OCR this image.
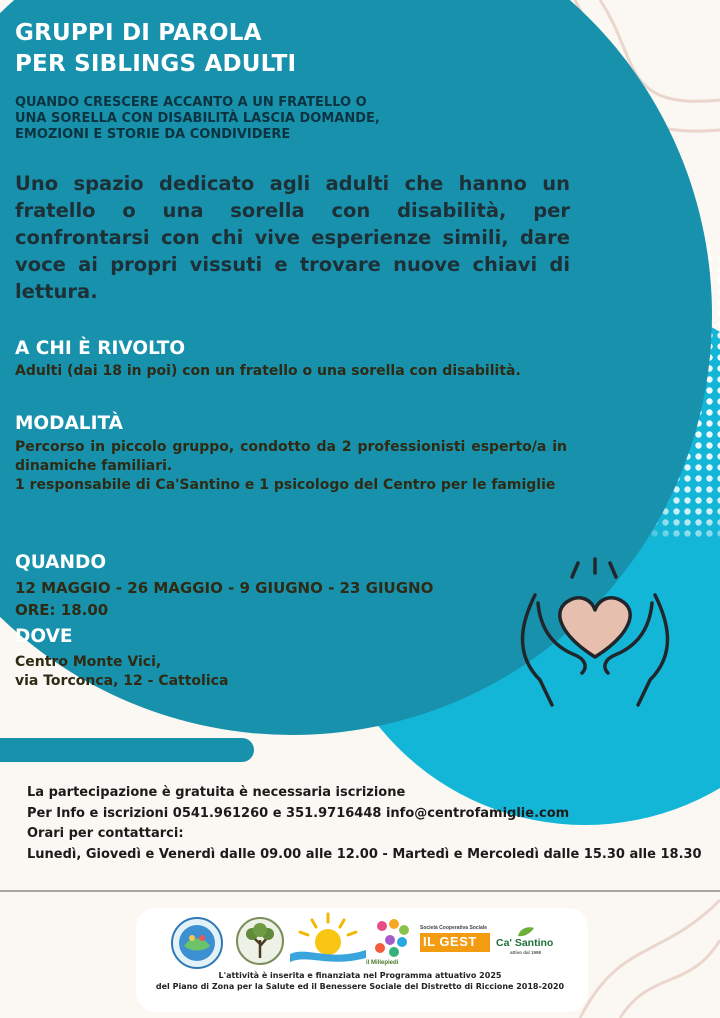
GRUPPI DI PAROLA
PER SIBLINGS ADULTI
QUANDO CRESCERE ACCANTO A UN FRATELLO O
UNA SORELLA CON DISABILITÀ LASCIA DOMANDE,
EMOZIONI E STORIE DA CONDIVIDERE

Uno spazio dedicato agli adulti che hanno un fratello o una sorella con disabilità, per confrontarsi con chi vive esperienze simili, dare voce ai propri vissuti e trovare nuove chiavi di lettura.

A CHI È RIVOLTO
Adulti (dai 18 in poi) con un fratello o una sorella con disabilità.
MODALITÀ
Percorso in piccolo gruppo, condotto da 2 professionisti esperto/a in dinamiche familiari.
1 responsabile di Ca'Santino e 1 psicologo del Centro per le famiglie
QUANDO
12 MAGGIO - 26 MAGGIO - 9 GIUGNO - 23 GIUGNO
ORE: 18.00
DOVE
Centro Monte Vici,
via Torconca, 12 - Cattolica
La partecipazione è gratuita è necessaria iscrizione
Per Info e iscrizioni 0541.961260 e 351.9716448 info@centrofamiglie.com
Orari per contattarci:
Lunedì, Giovedì e Venerdì dalle 09.00 alle 12.00 - Martedì e Mercoledì dalle 15.30 alle 18.30
il Millepiedi
Società Cooperativa Sociale
IL GEST Ca' Santino
attivo dal 1998
L'attività è inserita e finanziata nel Programma attuativo 2025
del Piano di Zona per la Salute ed il Benessere Sociale del Distretto di Riccione 2018-2020
